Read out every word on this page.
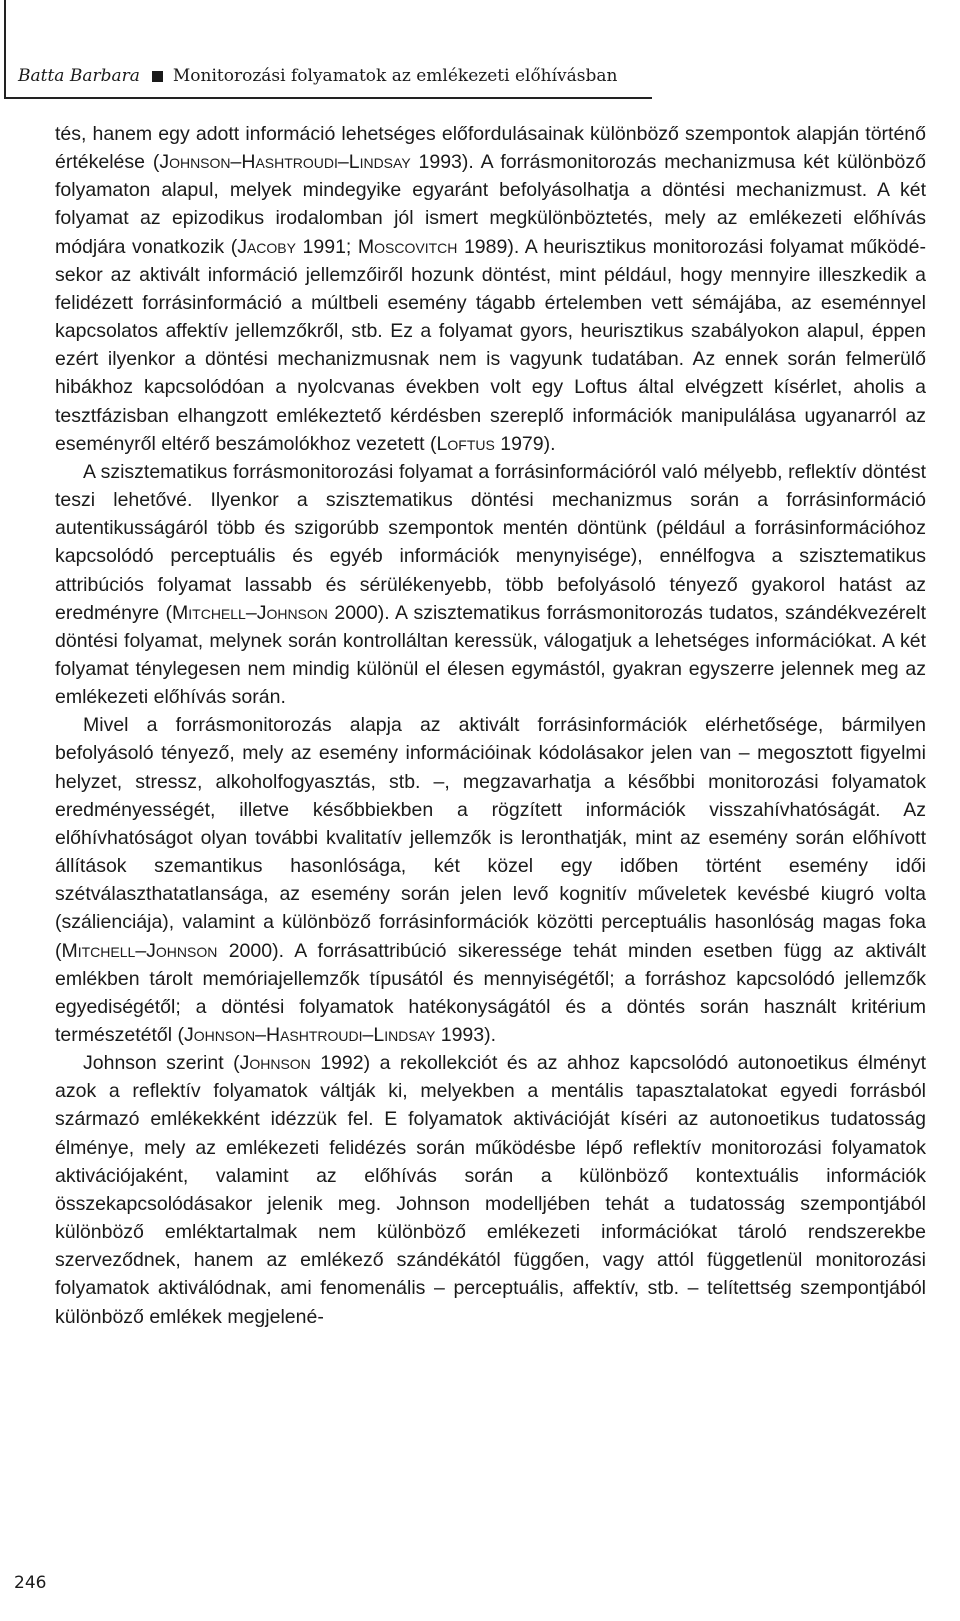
Batta Barbara Monitorozási folyamatok az emlékezeti előhívásban

tés, hanem egy adott információ lehetséges előfordulásainak különböző szempontok alapján történő értékelése (Johnson–Hashtroudi–Lindsay 1993). A forrásmonitorozás mechanizmusa két különböző folyamaton alapul, melyek mindegyike egyaránt befolyásolhatja a döntési mechanizmust. A két folyamat az epizodikus irodalomban jól ismert megkülönböztetés, mely az emlékezeti előhívás módjára vonatkozik (Jacoby 1991; Moscovitch 1989). A heurisztikus monitorozási folyamat működésekor az aktivált információ jellemzőiről hozunk döntést, mint például, hogy mennyire illeszkedik a felidézett forrásinformáció a múltbeli esemény tágabb értelemben vett sémájába, az eseménnyel kapcsolatos affektív jellemzőkről, stb. Ez a folyamat gyors, heurisztikus szabályokon alapul, éppen ezért ilyenkor a döntési mechanizmusnak nem is vagyunk tudatában. Az ennek során felmerülő hibákhoz kapcsolódóan a nyolcvanas években volt egy Loftus által elvégzett kísérlet, aholis a tesztfázisban elhangzott emlékeztető kérdésben szereplő információk manipulálása ugyanarról az eseményről eltérő beszámolókhoz vezetett (Loftus 1979).

A szisztematikus forrásmonitorozási folyamat a forrásinformációról való mélyebb, reflektív döntést teszi lehetővé. Ilyenkor a szisztematikus döntési mechanizmus során a forrásinformáció autentikusságáról több és szigorúbb szempontok mentén döntünk (például a forrásinformációhoz kapcsolódó perceptuális és egyéb információk menynyisége), ennélfogva a szisztematikus attribúciós folyamat lassabb és sérülékenyebb, több befolyásoló tényező gyakorol hatást az eredményre (Mitchell–Johnson 2000). A szisztematikus forrásmonitorozás tudatos, szándékvezérelt döntési folyamat, melynek során kontrolláltan keressük, válogatjuk a lehetséges információkat. A két folyamat ténylegesen nem mindig különül el élesen egymástól, gyakran egyszerre jelennek meg az emlékezeti előhívás során.

Mivel a forrásmonitorozás alapja az aktivált forrásinformációk elérhetősége, bármilyen befolyásoló tényező, mely az esemény információinak kódolásakor jelen van – megosztott figyelmi helyzet, stressz, alkoholfogyasztás, stb. –, megzavarhatja a későbbi monitorozási folyamatok eredményességét, illetve későbbiekben a rögzített információk visszahívhatóságát. Az előhívhatóságot olyan további kvalitatív jellemzők is leronthatják, mint az esemény során előhívott állítások szemantikus hasonlósága, két közel egy időben történt esemény idői szétválaszthatatlansága, az esemény során jelen levő kognitív műveletek kevésbé kiugró volta (szálienciája), valamint a különböző forrásinformációk közötti perceptuális hasonlóság magas foka (Mitchell–Johnson 2000). A forrásattribúció sikeressége tehát minden esetben függ az aktivált emlékben tárolt memóriajellemzők típusától és mennyiségétől; a forráshoz kapcsolódó jellemzők egyediségétől; a döntési folyamatok hatékonyságától és a döntés során használt kritérium természetétől (Johnson–Hashtroudi–Lindsay 1993).

Johnson szerint (Johnson 1992) a rekollekciót és az ahhoz kapcsolódó autonoetikus élményt azok a reflektív folyamatok váltják ki, melyekben a mentális tapasztalatokat egyedi forrásból származó emlékekként idézzük fel. E folyamatok aktivációját kíséri az autonoetikus tudatosság élménye, mely az emlékezeti felidézés során működésbe lépő reflektív monitorozási folyamatok aktivációjaként, valamint az előhívás során a különböző kontextuális információk összekapcsolódásakor jelenik meg. Johnson modelljében tehát a tudatosság szempontjából különböző emléktartalmak nem különböző emlékezeti információkat tároló rendszerekbe szerveződnek, hanem az emlékező szándékától függően, vagy attól függetlenül monitorozási folyamatok aktiválódnak, ami fenomenális – perceptuális, affektív, stb. – telítettség szempontjából különböző emlékek megjelené-

246
